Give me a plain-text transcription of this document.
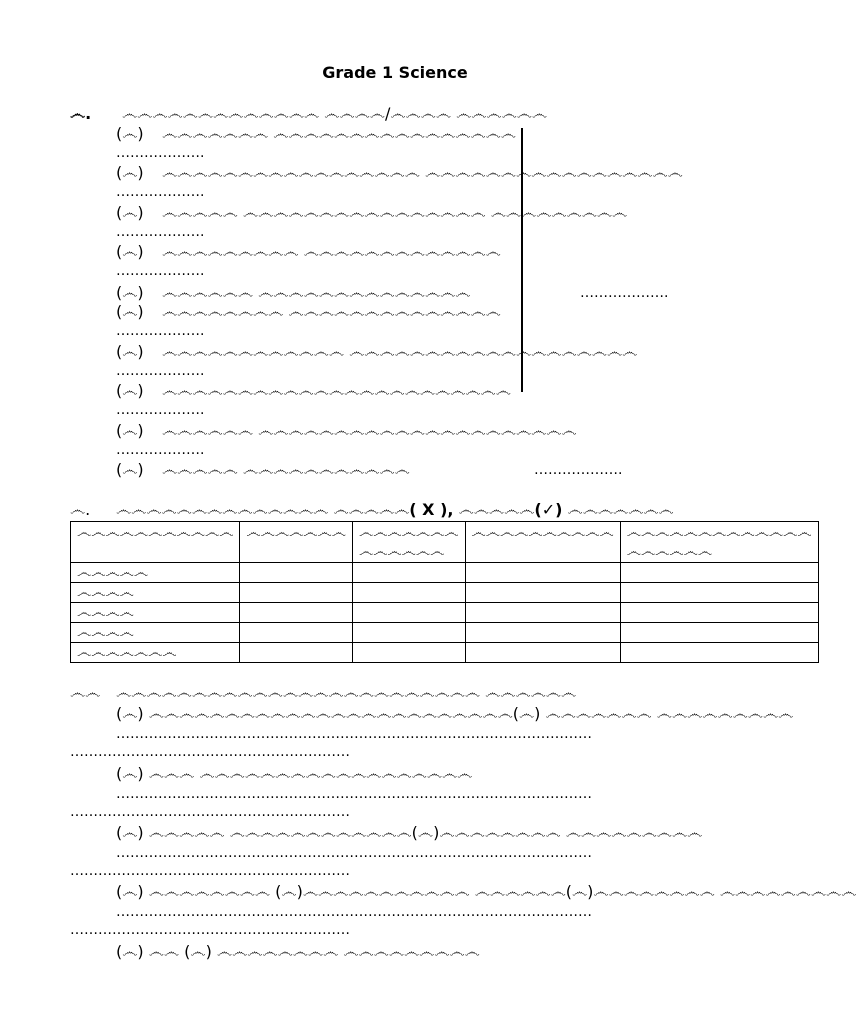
Grade 1 Science
෴. ෴෴෴෴෴෴෴෴෴෴෴෴෴ ෴෴෴෴/෴෴෴෴ ෴෴෴෴෴෴
(෴) ෴෴෴෴෴෴෴ ෴෴෴෴෴෴෴෴෴෴෴෴෴෴෴෴
……………….
(෴) ෴෴෴෴෴෴෴෴෴෴෴෴෴෴෴෴෴ ෴෴෴෴෴෴෴෴෴෴෴෴෴෴෴෴෴
……………….
(෴) ෴෴෴෴෴ ෴෴෴෴෴෴෴෴෴෴෴෴෴෴෴෴ ෴෴෴෴෴෴෴෴෴
……………….
(෴) ෴෴෴෴෴෴෴෴෴ ෴෴෴෴෴෴෴෴෴෴෴෴෴
……………….
(෴) ෴෴෴෴෴෴ ෴෴෴෴෴෴෴෴෴෴෴෴෴෴	……………….
(෴) ෴෴෴෴෴෴෴෴ ෴෴෴෴෴෴෴෴෴෴෴෴෴෴
……………….
(෴) ෴෴෴෴෴෴෴෴෴෴෴෴ ෴෴෴෴෴෴෴෴෴෴෴෴෴෴෴෴෴෴෴
……………….
(෴) ෴෴෴෴෴෴෴෴෴෴෴෴෴෴෴෴෴෴෴෴෴෴෴
……………….
(෴) ෴෴෴෴෴෴ ෴෴෴෴෴෴෴෴෴෴෴෴෴෴෴෴෴෴෴෴෴
……………….
(෴) ෴෴෴෴෴ ෴෴෴෴෴෴෴෴෴෴෴	……………….
෴. ෴෴෴෴෴෴෴෴෴෴෴෴෴෴ ෴෴෴෴෴( X ), ෴෴෴෴෴(✓) ෴෴෴෴෴෴෴
෴෴෴෴෴෴෴෴෴෴෴	෴෴෴෴෴෴෴	෴෴෴෴෴෴෴ ෴෴෴෴෴෴	෴෴෴෴෴෴෴෴෴෴	෴෴෴෴෴෴෴෴෴෴෴෴෴ ෴෴෴෴෴෴
෴෴෴෴෴				
෴෴෴෴				
෴෴෴෴				
෴෴෴෴				
෴෴෴෴෴෴෴				
෴෴ ෴෴෴෴෴෴෴෴෴෴෴෴෴෴෴෴෴෴෴෴෴෴෴෴ ෴෴෴෴෴෴
(෴) ෴෴෴෴෴෴෴෴෴෴෴෴෴෴෴෴෴෴෴෴෴෴෴෴(෴) ෴෴෴෴෴෴෴ ෴෴෴෴෴෴෴෴෴
…………………………………………………………………………………………
……………………………………………………
(෴) ෴෴෴ ෴෴෴෴෴෴෴෴෴෴෴෴෴෴෴෴෴෴
…………………………………………………………………………………………
……………………………………………………
(෴) ෴෴෴෴෴ ෴෴෴෴෴෴෴෴෴෴෴෴(෴)෴෴෴෴෴෴෴෴ ෴෴෴෴෴෴෴෴෴
…………………………………………………………………………………………
……………………………………………………
(෴) ෴෴෴෴෴෴෴෴ (෴)෴෴෴෴෴෴෴෴෴෴෴ ෴෴෴෴෴෴(෴)෴෴෴෴෴෴෴෴ ෴෴෴෴෴෴෴෴෴
…………………………………………………………………………………………
……………………………………………………
(෴) ෴෴ (෴) ෴෴෴෴෴෴෴෴ ෴෴෴෴෴෴෴෴෴
